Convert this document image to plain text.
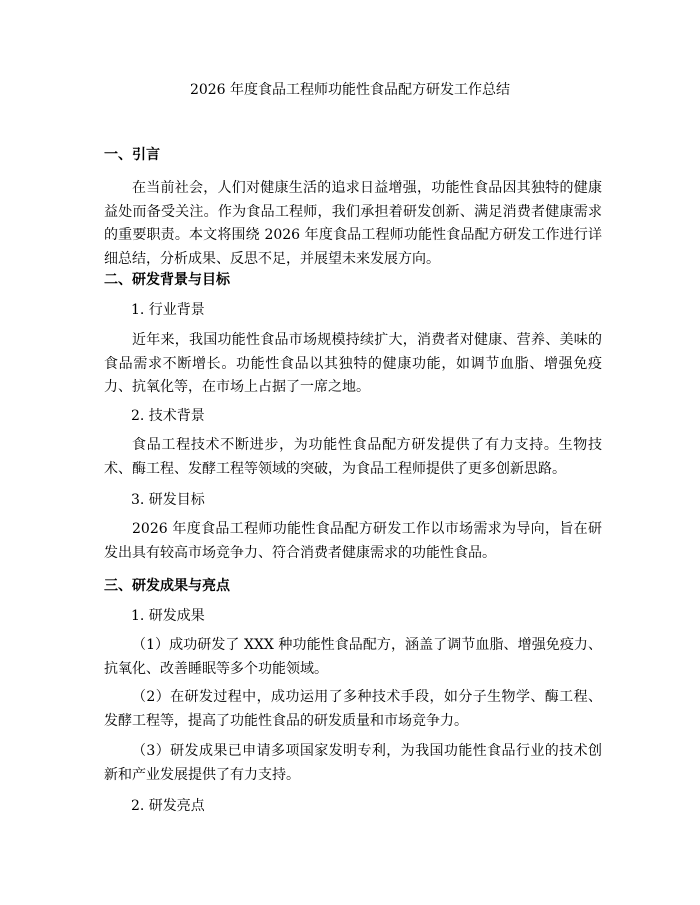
2026 年度食品工程师功能性食品配方研发工作总结
一、引言
在当前社会，人们对健康生活的追求日益增强，功能性食品因其独特的健康益处而备受关注。作为食品工程师，我们承担着研发创新、满足消费者健康需求的重要职责。本文将围绕 2026 年度食品工程师功能性食品配方研发工作进行详细总结，分析成果、反思不足，并展望未来发展方向。
二、研发背景与目标
1. 行业背景
近年来，我国功能性食品市场规模持续扩大，消费者对健康、营养、美味的食品需求不断增长。功能性食品以其独特的健康功能，如调节血脂、增强免疫力、抗氧化等，在市场上占据了一席之地。
2. 技术背景
食品工程技术不断进步，为功能性食品配方研发提供了有力支持。生物技术、酶工程、发酵工程等领域的突破，为食品工程师提供了更多创新思路。
3. 研发目标
2026 年度食品工程师功能性食品配方研发工作以市场需求为导向，旨在研发出具有较高市场竞争力、符合消费者健康需求的功能性食品。
三、研发成果与亮点
1. 研发成果
（1）成功研发了 XXX 种功能性食品配方，涵盖了调节血脂、增强免疫力、抗氧化、改善睡眠等多个功能领域。
（2）在研发过程中，成功运用了多种技术手段，如分子生物学、酶工程、发酵工程等，提高了功能性食品的研发质量和市场竞争力。
（3）研发成果已申请多项国家发明专利，为我国功能性食品行业的技术创新和产业发展提供了有力支持。
2. 研发亮点
